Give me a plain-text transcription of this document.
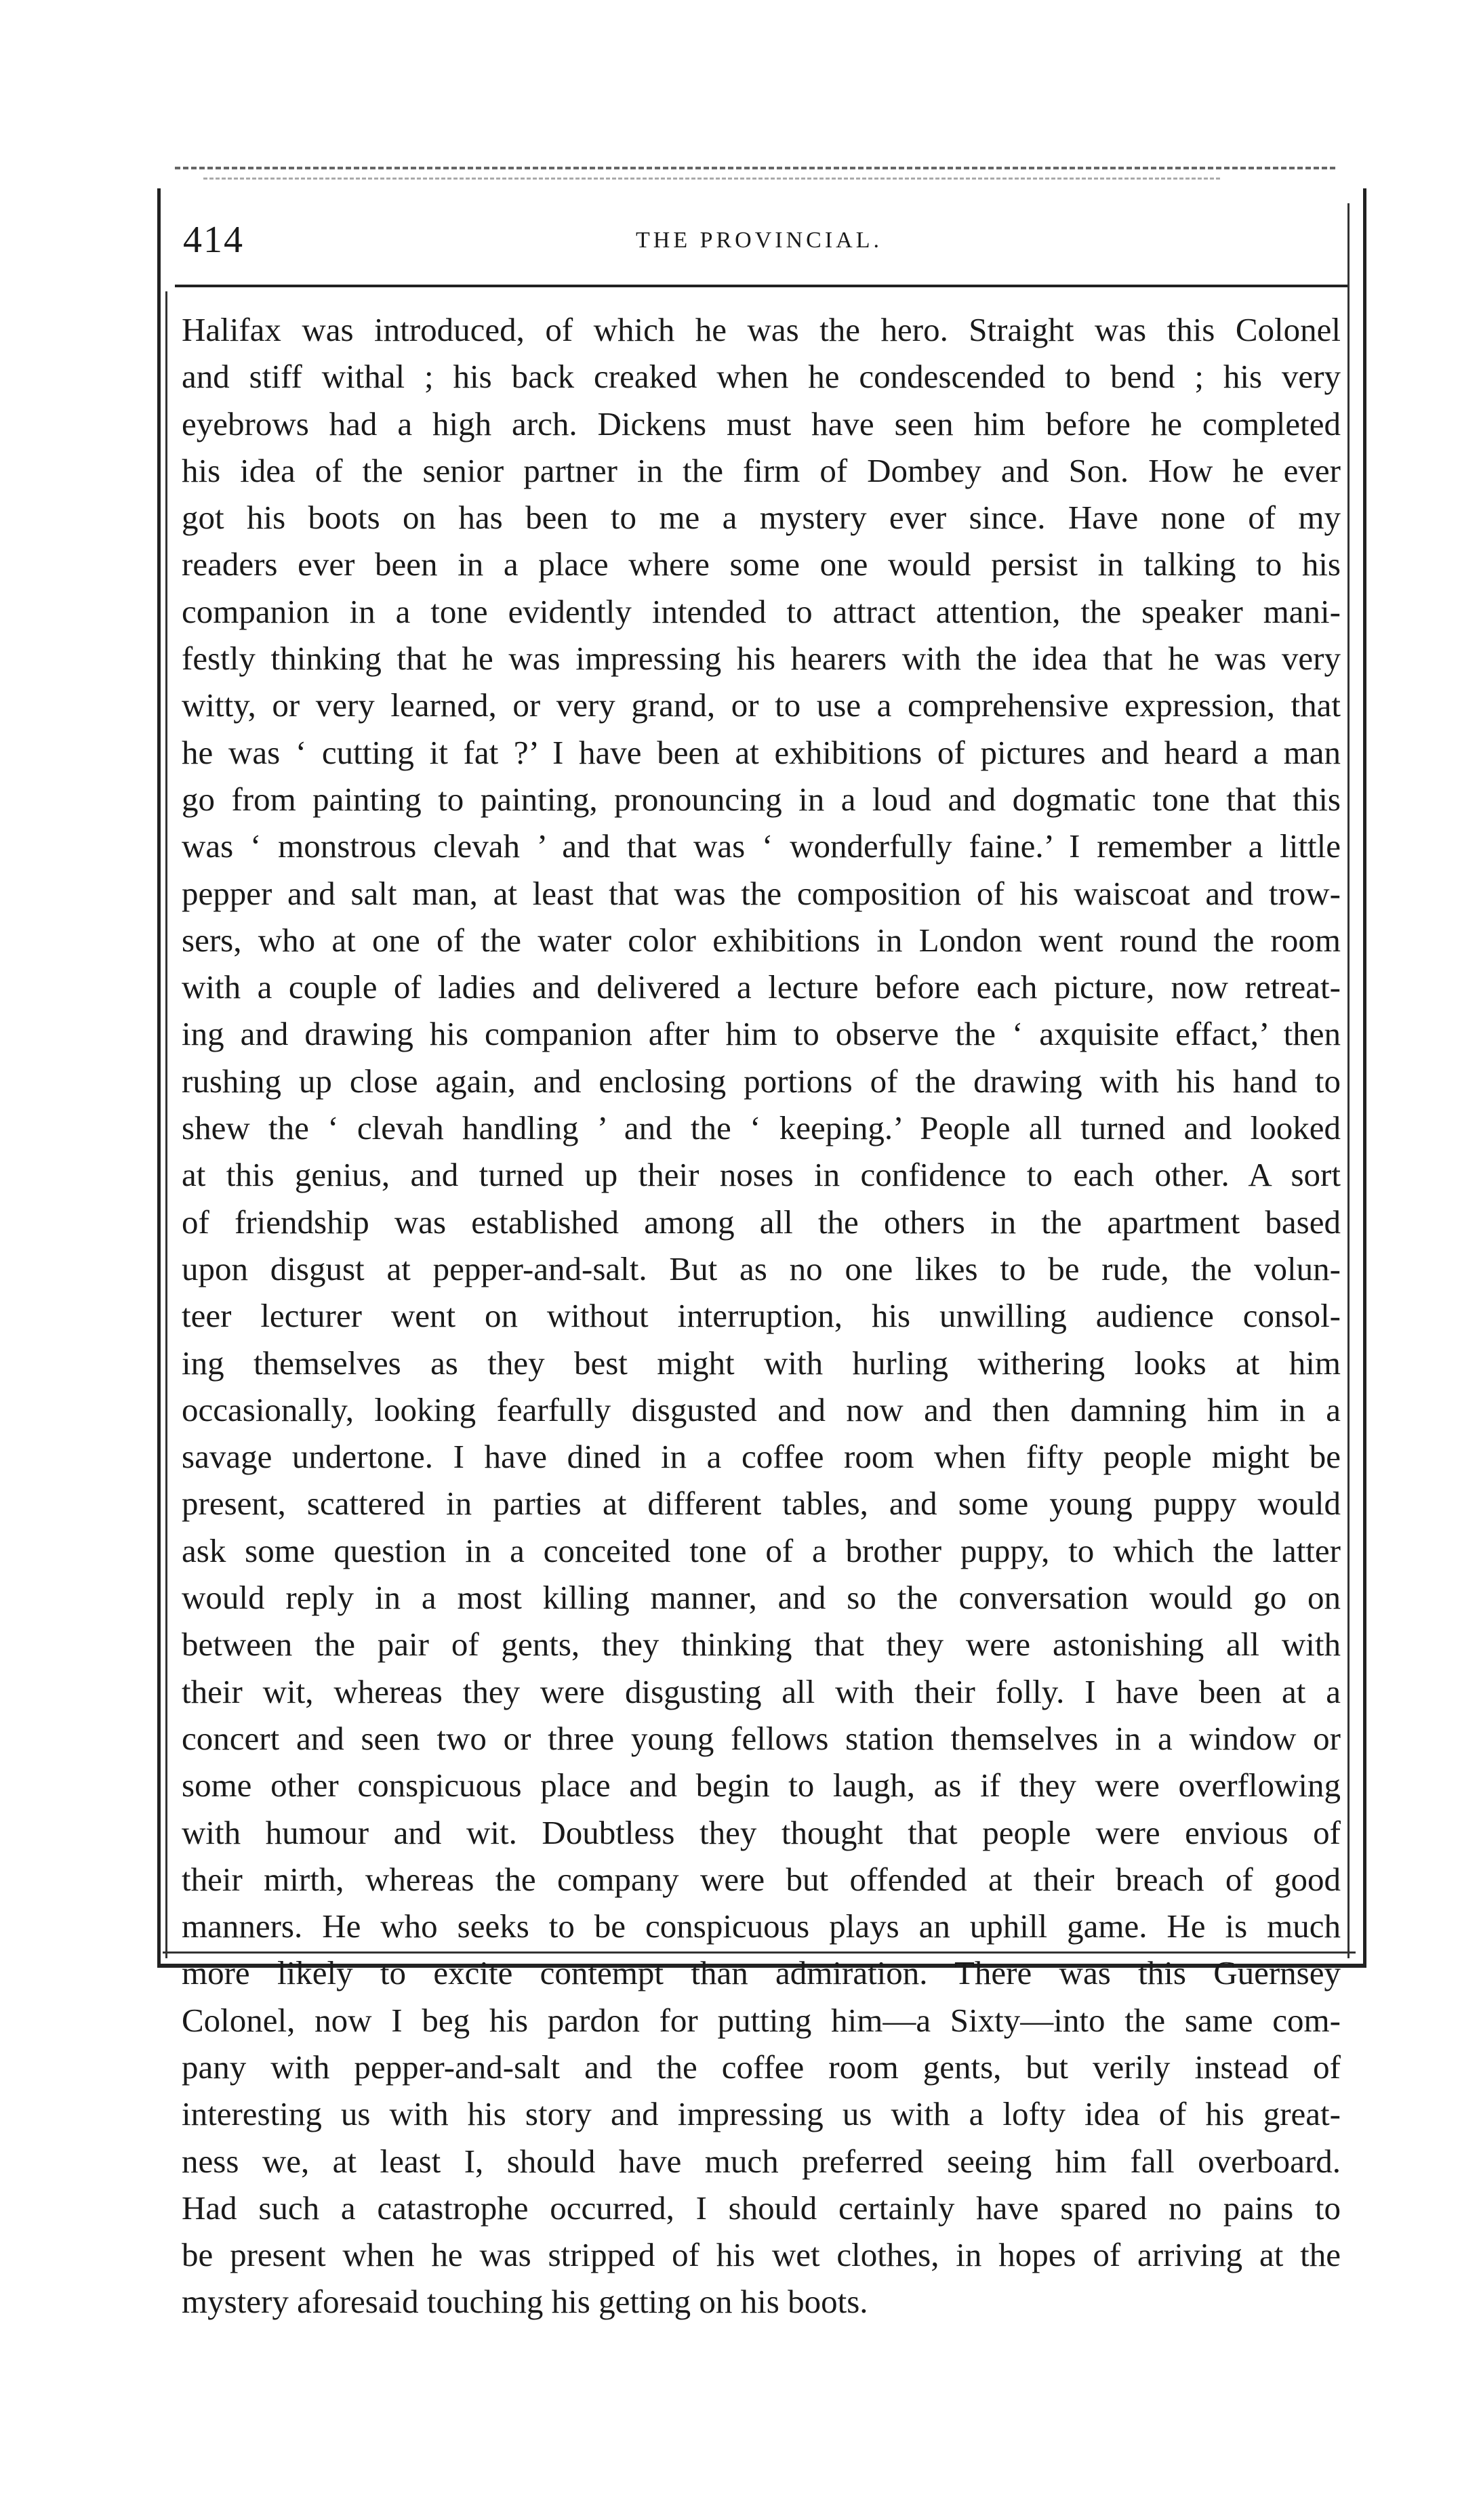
414	THE PROVINCIAL.
Halifax was introduced, of which he was the hero. Straight was this Colonel
and stiff withal ; his back creaked when he condescended to bend ; his very
eyebrows had a high arch. Dickens must have seen him before he completed
his idea of the senior partner in the firm of Dombey and Son. How he ever
got his boots on has been to me a mystery ever since. Have none of my
readers ever been in a place where some one would persist in talking to his
companion in a tone evidently intended to attract attention, the speaker mani-
festly thinking that he was impressing his hearers with the idea that he was very
witty, or very learned, or very grand, or to use a comprehensive expression, that
he was ‘ cutting it fat ?’ I have been at exhibitions of pictures and heard a man
go from painting to painting, pronouncing in a loud and dogmatic tone that this
was ‘ monstrous clevah ’ and that was ‘ wonderfully faine.’ I remember a little
pepper and salt man, at least that was the composition of his waiscoat and trow-
sers, who at one of the water color exhibitions in London went round the room
with a couple of ladies and delivered a lecture before each picture, now retreat-
ing and drawing his companion after him to observe the ‘ axquisite effact,’ then
rushing up close again, and enclosing portions of the drawing with his hand to
shew the ‘ clevah handling ’ and the ‘ keeping.’ People all turned and looked
at this genius, and turned up their noses in confidence to each other. A sort
of friendship was established among all the others in the apartment based
upon disgust at pepper-and-salt. But as no one likes to be rude, the volun-
teer lecturer went on without interruption, his unwilling audience consol-
ing themselves as they best might with hurling withering looks at him
occasionally, looking fearfully disgusted and now and then damning him in a
savage undertone. I have dined in a coffee room when fifty people might be
present, scattered in parties at different tables, and some young puppy would
ask some question in a conceited tone of a brother puppy, to which the latter
would reply in a most killing manner, and so the conversation would go on
between the pair of gents, they thinking that they were astonishing all with
their wit, whereas they were disgusting all with their folly. I have been at a
concert and seen two or three young fellows station themselves in a window or
some other conspicuous place and begin to laugh, as if they were overflowing
with humour and wit. Doubtless they thought that people were envious of
their mirth, whereas the company were but offended at their breach of good
manners. He who seeks to be conspicuous plays an uphill game. He is much
more likely to excite contempt than admiration. There was this Guernsey
Colonel, now I beg his pardon for putting him—a Sixty—into the same com-
pany with pepper-and-salt and the coffee room gents, but verily instead of
interesting us with his story and impressing us with a lofty idea of his great-
ness we, at least I, should have much preferred seeing him fall overboard.
Had such a catastrophe occurred, I should certainly have spared no pains to
be present when he was stripped of his wet clothes, in hopes of arriving at the
mystery aforesaid touching his getting on his boots.
